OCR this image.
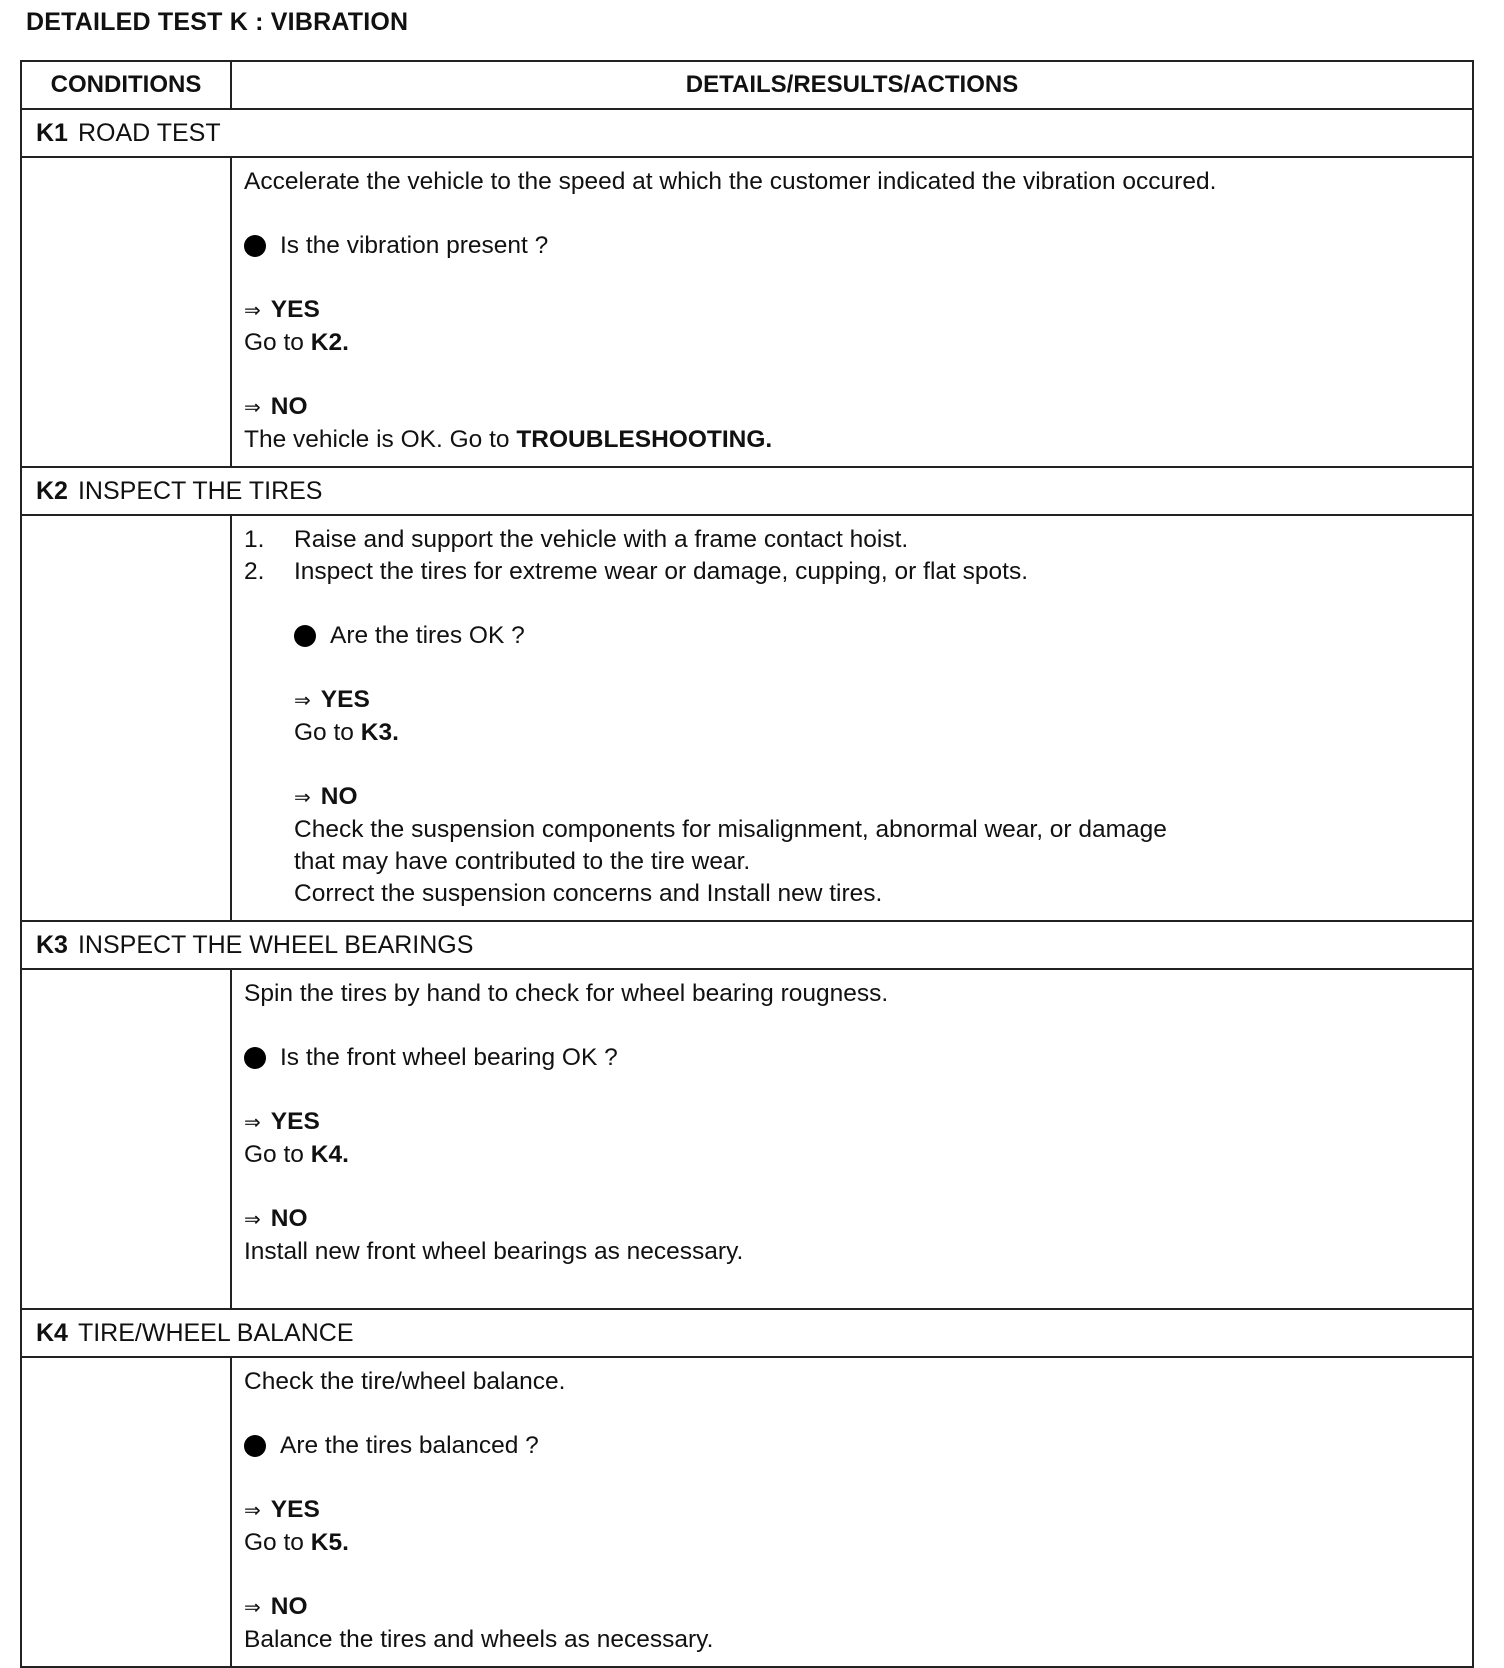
DETAILED TEST K : VIBRATION
CONDITIONS	DETAILS/RESULTS/ACTIONS
K1 ROAD TEST

Accelerate the vehicle to the speed at which the customer indicated the vibration occured.

Is the vibration present ?
⇒ YES
Go to K2.
⇒ NO
The vehicle is OK. Go to TROUBLESHOOTING.
K2 INSPECT THE TIRES
1.	Raise and support the vehicle with a frame contact hoist.
2.	Inspect the tires for extreme wear or damage, cupping, or flat spots.
Are the tires OK ?
⇒ YES
Go to K3.
⇒ NO
Check the suspension components for misalignment, abnormal wear, or damage
that may have contributed to the tire wear.
Correct the suspension concerns and Install new tires.
K3 INSPECT THE WHEEL BEARINGS

Spin the tires by hand to check for wheel bearing rougness.

Is the front wheel bearing OK ?
⇒ YES
Go to K4.
⇒ NO
Install new front wheel bearings as necessary.
K4 TIRE/WHEEL BALANCE

Check the tire/wheel balance.

Are the tires balanced ?
⇒ YES
Go to K5.
⇒ NO
Balance the tires and wheels as necessary.
